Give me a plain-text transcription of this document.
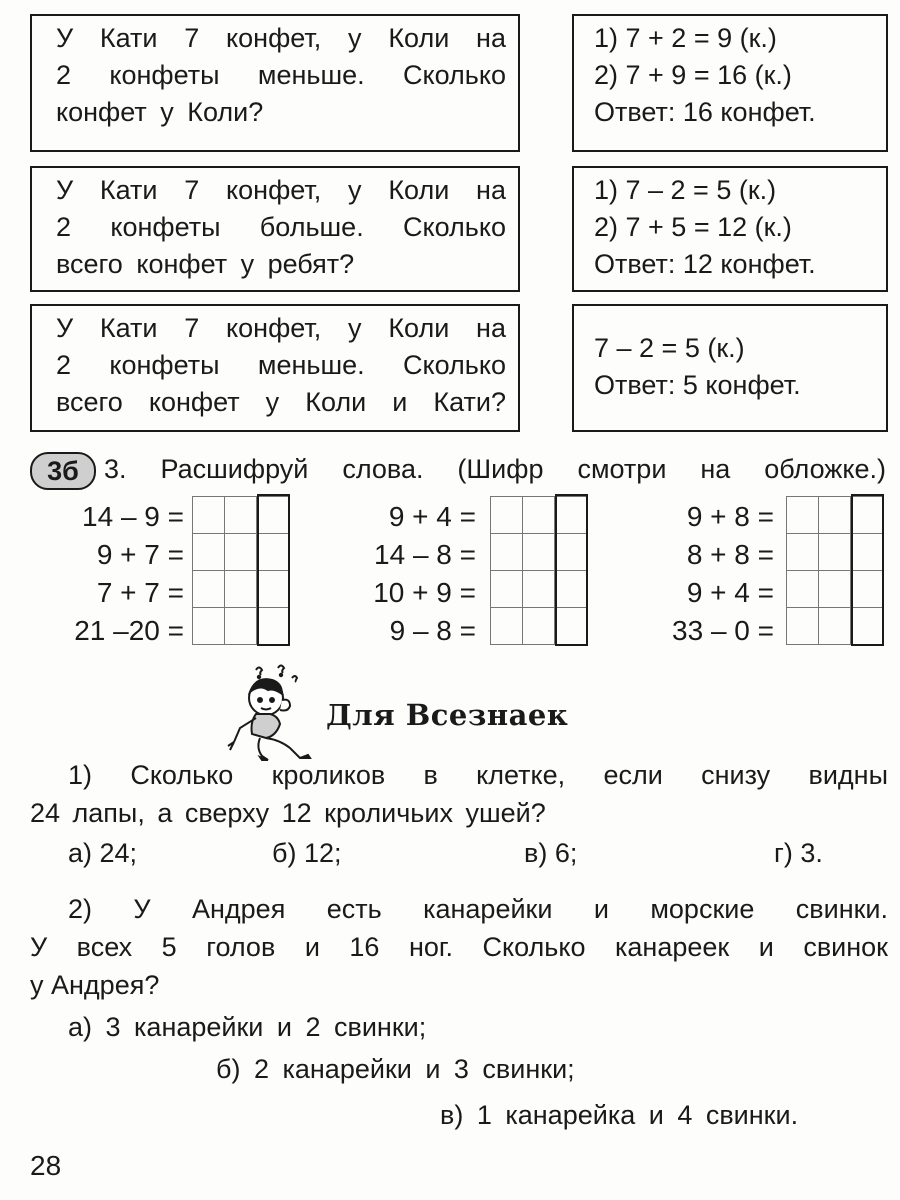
У Кати 7 конфет, у Коли на
2 конфеты меньше. Сколько
конфет у Коли?
У Кати 7 конфет, у Коли на
2 конфеты больше. Сколько
всего конфет у ребят?
У Кати 7 конфет, у Коли на
2 конфеты меньше. Сколько
всего конфет у Коли и Кати?
1) 7 + 2 = 9 (к.)
2) 7 + 9 = 16 (к.)
Ответ: 16 конфет.
1) 7 – 2 = 5 (к.)
2) 7 + 5 = 12 (к.)
Ответ: 12 конфет.
7 – 2 = 5 (к.)
Ответ: 5 конфет.
3б 3. Расшифруй слова. (Шифр смотри на обложке.)
14 – 9 =
9 + 7 =
7 + 7 =
21 –20 =
9 + 4 =
14 – 8 =
10 + 9 =
9 – 8 =
9 + 8 =
8 + 8 =
9 + 4 =
33 – 0 =

Для Всезнаек
1) Сколько кроликов в клетке, если снизу видны
24 лапы, а сверху 12 кроличьих ушей?
а) 24;	б) 12;	в) 6;	г) 3.
2) У Андрея есть канарейки и морские свинки.
У всех 5 голов и 16 ног. Сколько канареек и свинок
у Андрея?
а) 3 канарейки и 2 свинки;
б) 2 канарейки и 3 свинки;
в) 1 канарейка и 4 свинки.
28
